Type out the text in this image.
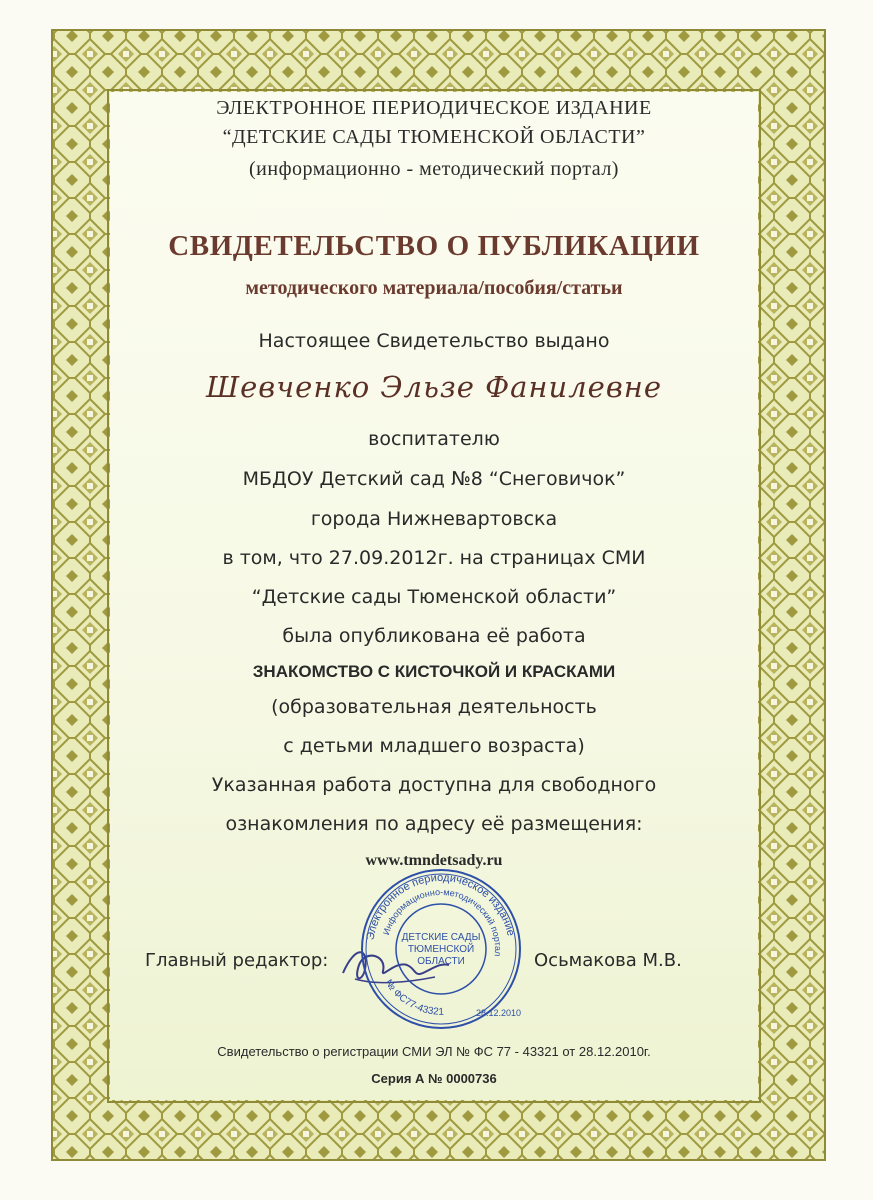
ЭЛЕКТРОННОЕ ПЕРИОДИЧЕСКОЕ ИЗДАНИЕ
“ДЕТСКИЕ САДЫ ТЮМЕНСКОЙ ОБЛАСТИ”
(информационно - методический портал)
СВИДЕТЕЛЬСТВО О ПУБЛИКАЦИИ
методического материала/пособия/статьи
Настоящее Свидетельство выдано
Шевченко Эльзе Фанилевне
воспитателю
МБДОУ Детский сад №8 “Снеговичок”
города Нижневартовска
в том, что 27.09.2012г. на страницах СМИ
“Детские сады Тюменской области”
была опубликована её работа
ЗНАКОМСТВО С КИСТОЧКОЙ И КРАСКАМИ
(образовательная деятельность
с детьми младшего возраста)
Указанная работа доступна для свободного
ознакомления по адресу её размещения:
www.tmndetsady.ru
Главный редактор:	Осьмакова М.В.
Электронное периодическое издание
Информационно-методический портал
№ ФС77-43321	28.12.2010
ДЕТСКИЕ САДЫ
ТЮМЕНСКОЙ
ОБЛАСТИ
Свидетельство о регистрации СМИ ЭЛ № ФС 77 - 43321 от 28.12.2010г.
Серия А № 0000736
